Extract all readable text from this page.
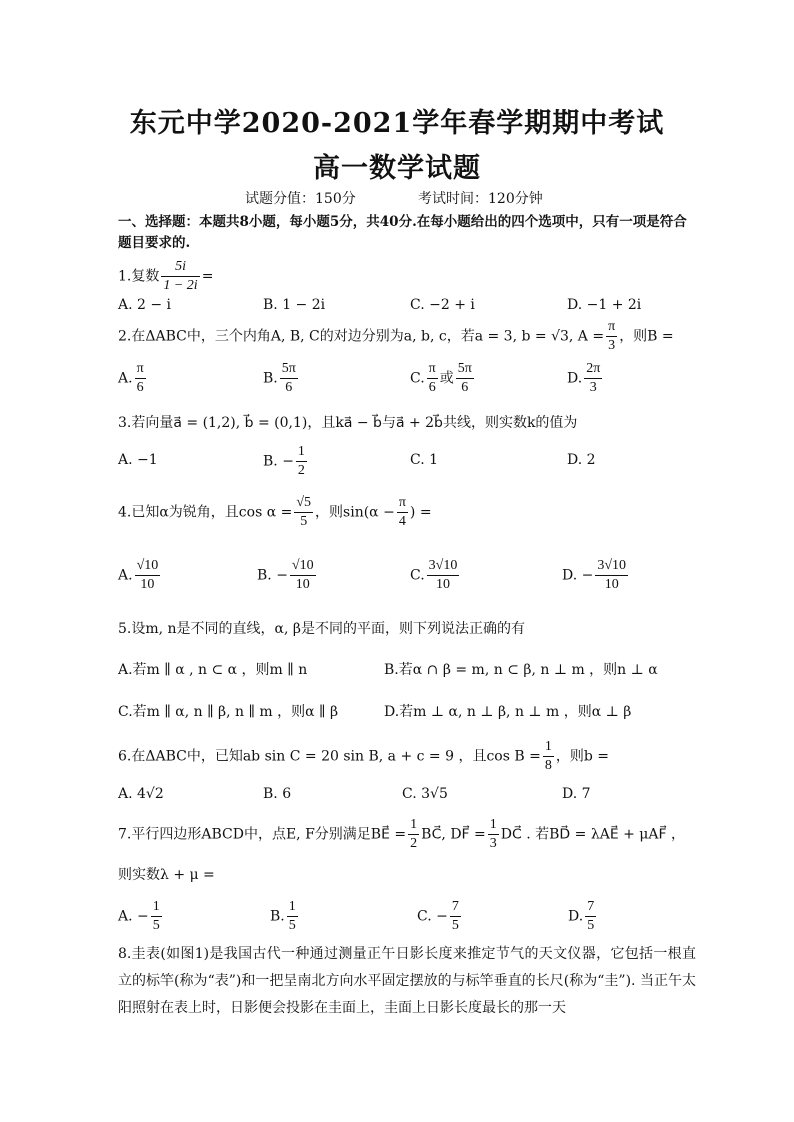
东元中学2020-2021学年春学期期中考试
高一数学试题
试题分值：150分	考试时间：120分钟
一、选择题：本题共8小题，每小题5分，共40分.在每小题给出的四个选项中，只有一项是符合题目要求的.
1.复数 $\frac{5i}{1 - 2i}$ =
A. 2 − i	B. 1 − 2i	C. −2 + i	D. −1 + 2i
2.在ΔABC中，三个内角A, B, C的对边分别为a, b, c，若a = 3, b = √3, $A = \frac{\pi}{3}$ ，则B =
A. $\frac{\pi}{6}$	B. $\frac{5\pi}{6}$	C. $\frac{\pi}{6}$ 或 $\frac{5\pi}{6}$	D. $\frac{2\pi}{3}$
3.若向量a⃗ = (1,2), b⃗ = (0,1)，且ka⃗ − b⃗与a⃗ + 2b⃗共线，则实数k的值为
A. −1	B. − $\frac{1}{2}$	C. 1	D. 2
4.已知α为锐角，且$\cos \alpha = \frac{√5}{5}$ ，则$\sin(\alpha - \frac{\pi}{4}$ ) =
A. $\frac{√10}{10}$	B. − $\frac{√10}{10}$	C. $\frac{3√10}{10}$	D. − $\frac{3√10}{10}$
5.设m, n是不同的直线，α, β是不同的平面，则下列说法正确的有
A.若m ∥ α , n ⊂ α ，则m ∥ n	B.若α ∩ β = m, n ⊂ β, n ⊥ m ，则n ⊥ α
C.若m ∥ α, n ∥ β, n ∥ m ，则α ∥ β	D.若m ⊥ α, n ⊥ β, n ⊥ m ，则α ⊥ β
6.在ΔABC中，已知ab sin C = 20 sin B, a + c = 9 ，且$\cos B = \frac{1}{8}$ ，则b =
A. 4√2	B. 6	C. 3√5	D. 7
7.平行四边形ABCD中，点E, F分别满足BE⃗ = $\frac{1}{2}$ BC⃗, DF⃗ = $\frac{1}{3}$ DC⃗ . 若BD⃗ = λAE⃗ + μAF⃗ ，
则实数λ + μ =
A. − $\frac{1}{5}$	B. $\frac{1}{5}$	C. − $\frac{7}{5}$	D. $\frac{7}{5}$
8.圭表(如图1)是我国古代一种通过测量正午日影长度来推定节气的天文仪器，它包括一根直立的标竿(称为“表”)和一把呈南北方向水平固定摆放的与标竿垂直的长尺(称为“圭”). 当正午太阳照射在表上时，日影便会投影在圭面上，圭面上日影长度最长的那一天
